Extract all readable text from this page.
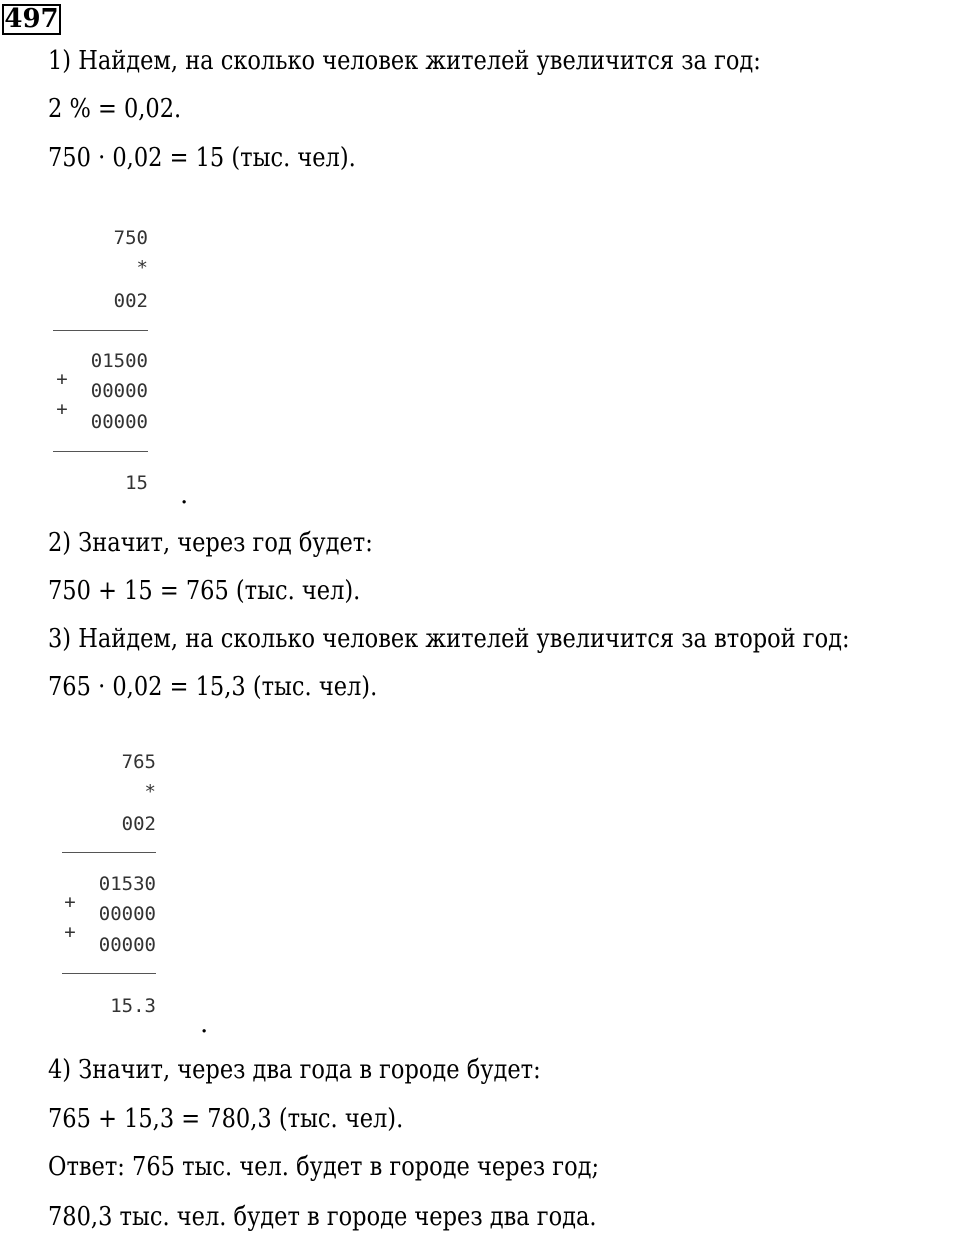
497
1) Найдем, на сколько человек жителей увеличится за год:
2 % = 0,02.
750 · 0,02 = 15 (тыс. чел).
750
*
002
01500
+
00000
+
00000
15 .
2) Значит, через год будет:
750 + 15 = 765 (тыс. чел).
3) Найдем, на сколько человек жителей увеличится за второй год:
765 · 0,02 = 15,3 (тыс. чел).
765
*
002
01530
+
00000
+
00000
15.3
.
4) Значит, через два года в городе будет:
765 + 15,3 = 780,3 (тыс. чел).
Ответ: 765 тыс. чел. будет в городе через год;
780,3 тыс. чел. будет в городе через два года.
